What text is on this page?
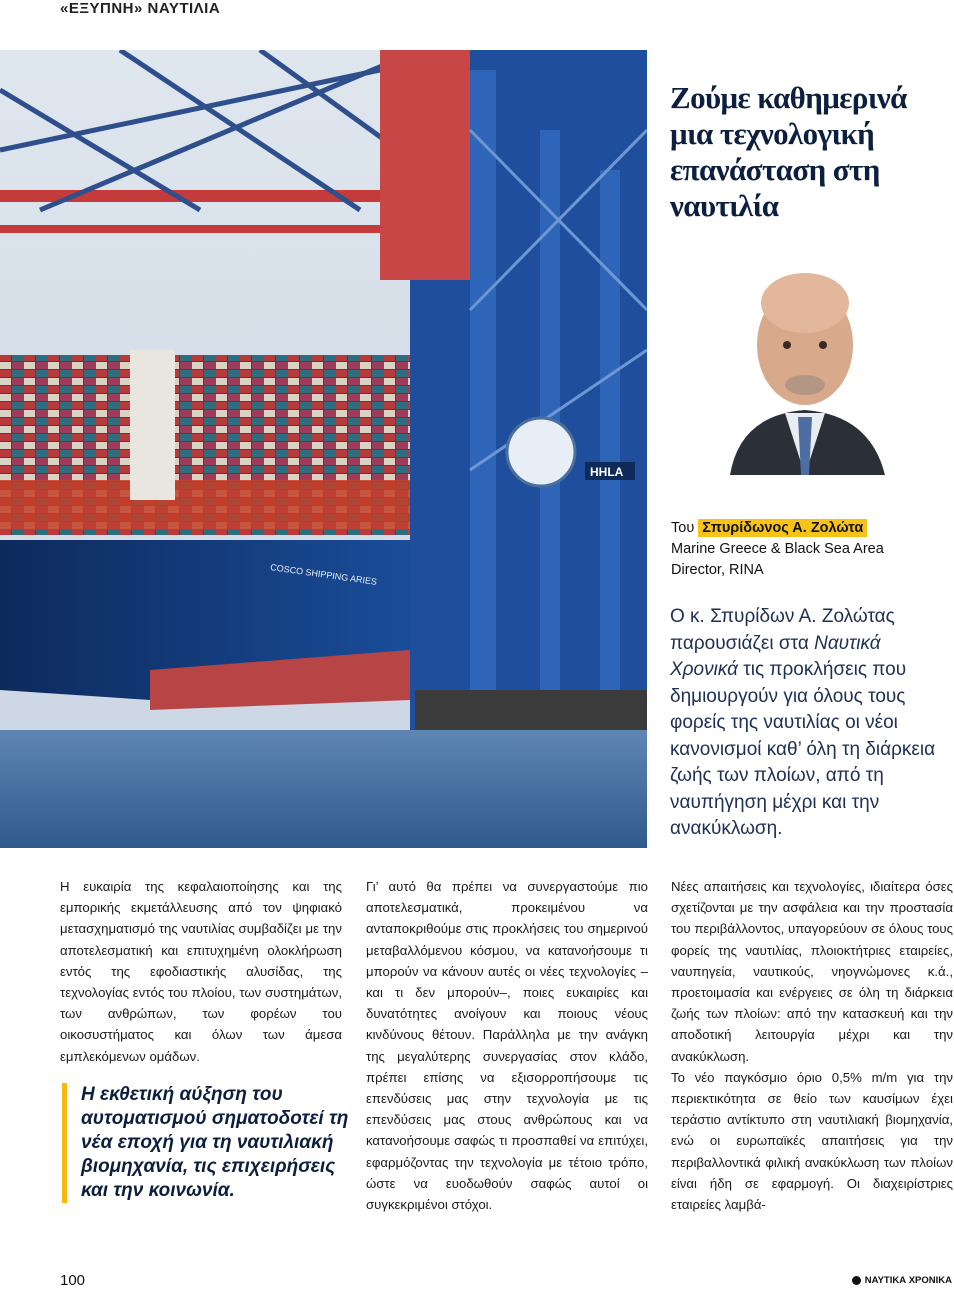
«ΕΞΥΠΝΗ» ΝΑΥΤΙΛΙΑ
COSCO SHIPPING ARIES
HHLA
Ζούμε καθημερινά μια τεχνολογική επανάσταση στη ναυτιλία
Του Σπυρίδωνος Α. Ζολώτα
Marine Greece & Black Sea Area
Director, RINA
Ο κ. Σπυρίδων Α. Ζολώτας παρουσιάζει στα Ναυτικά Χρονικά τις προκλήσεις που δημιουργούν για όλους τους φορείς της ναυτιλίας οι νέοι κανονισμοί καθ’ όλη τη διάρκεια ζωής των πλοίων, από τη ναυπήγηση μέχρι και την ανακύκλωση.

Η ευκαιρία της κεφαλαιοποίησης και της εμπορικής εκμετάλλευσης από τον ψηφιακό μετασχηματισμό της ναυτιλίας συμβαδίζει με την αποτελεσματική και επιτυχημένη ολοκλήρωση εντός της εφοδιαστικής αλυσίδας, της τεχνολογίας εντός του πλοίου, των συστημάτων, των ανθρώπων, των φορέων του οικοσυστήματος και όλων των άμεσα εμπλεκόμενων ομάδων.

Η εκθετική αύξηση του αυτοματισμού σηματοδοτεί τη νέα εποχή για τη ναυτιλιακή βιομηχανία, τις επιχειρήσεις και την κοινωνία.

Γι’ αυτό θα πρέπει να συνεργαστούμε πιο αποτελεσματικά, προκειμένου να ανταποκριθούμε στις προκλήσεις του σημερινού μεταβαλλόμενου κόσμου, να κατανοήσουμε τι μπορούν να κάνουν αυτές οι νέες τεχνολογίες –και τι δεν μπορούν–, ποιες ευκαιρίες και δυνατότητες ανοίγουν και ποιους νέους κινδύνους θέτουν. Παράλληλα με την ανάγκη της μεγαλύτερης συνεργασίας στον κλάδο, πρέπει επίσης να εξισορροπήσουμε τις επενδύσεις μας στην τεχνολογία με τις επενδύσεις μας στους ανθρώπους και να κατανοήσουμε σαφώς τι προσπαθεί να επιτύχει, εφαρμόζοντας την τεχνολογία με τέτοιο τρόπο, ώστε να ευοδωθούν σαφώς αυτοί οι συγκεκριμένοι στόχοι.

Νέες απαιτήσεις και τεχνολογίες, ιδιαίτερα όσες σχετίζονται με την ασφάλεια και την προστασία του περιβάλλοντος, υπαγορεύουν σε όλους τους φορείς της ναυτιλίας, πλοιοκτήτριες εταιρείες, ναυπηγεία, ναυτικούς, νηογνώμονες κ.ά., προετοιμασία και ενέργειες σε όλη τη διάρκεια ζωής των πλοίων: από την κατασκευή και την αποδοτική λειτουργία μέχρι και την ανακύκλωση.

Το νέο παγκόσμιο όριο 0,5% m/m για την περιεκτικότητα σε θείο των καυσίμων έχει τεράστιο αντίκτυπο στη ναυτιλιακή βιομηχανία, ενώ οι ευρωπαϊκές απαιτήσεις για την περιβαλλοντικά φιλική ανακύκλωση των πλοίων είναι ήδη σε εφαρμογή. Οι διαχειρίστριες εταιρείες λαμβά-

100	ΝΑΥΤΙΚΑ ΧΡΟΝΙΚΑ
